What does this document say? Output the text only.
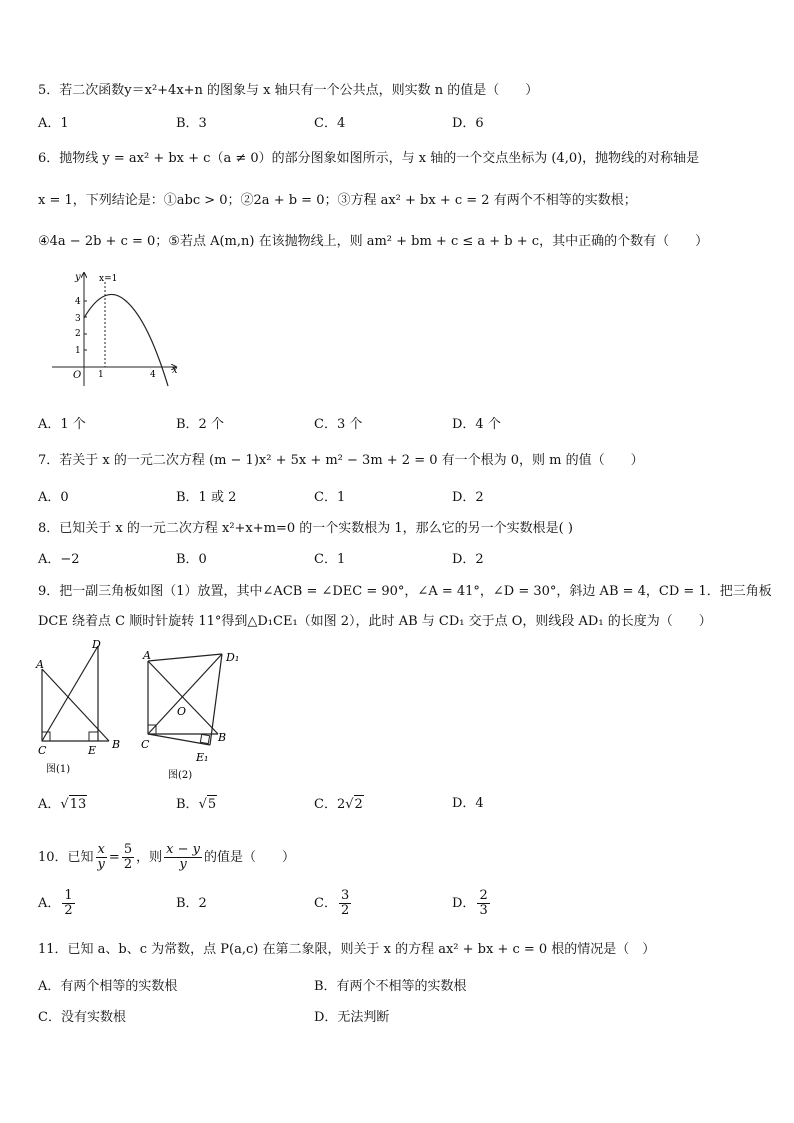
5．若二次函数y＝x²+4x+n 的图象与 x 轴只有一个公共点，则实数 n 的值是（　　）
A．1	B．3	C．4	D．6
6．抛物线 y = ax² + bx + c（a ≠ 0）的部分图象如图所示，与 x 轴的一个交点坐标为 (4,0)，抛物线的对称轴是
x = 1，下列结论是：①abc > 0；②2a + b = 0；③方程 ax² + bx + c = 2 有两个不相等的实数根；
④4a − 2b + c = 0；⑤若点 A(m,n) 在该抛物线上，则 am² + bm + c ≤ a + b + c，其中正确的个数有（　　）
x
y
O
x=1
1
2
3
4
1	4
A．1 个	B．2 个	C．3 个	D．4 个
7．若关于 x 的一元二次方程 (m − 1)x² + 5x + m² − 3m + 2 = 0 有一个根为 0，则 m 的值（　　）
A．0	B．1 或 2	C．1	D．2
8．已知关于 x 的一元二次方程 x²+x+m=0 的一个实数根为 1，那么它的另一个实数根是( )
A．−2	B．0	C．1	D．2
9．把一副三角板如图（1）放置，其中∠ACB = ∠DEC = 90°，∠A = 41°，∠D = 30°，斜边 AB = 4，CD = 1．把三角板
DCE 绕着点 C 顺时针旋转 11°得到△D₁CE₁（如图 2），此时 AB 与 CD₁ 交于点 O，则线段 AD₁ 的长度为（　　）
A
D
C	E B
图(1)
A	D₁
O
C
B
E₁
图(2)
A．√13	B．√5	C．2√2	D．4
10．已知 $\frac{x}{y} = \frac{5}{2}$ ，则 $\frac{x - y}{y}$ 的值是（　　）
A． $\frac{1}{2}$	B．2	C． $\frac{3}{2}$	D． $\frac{2}{3}$
11．已知 a、b、c 为常数，点 P(a,c) 在第二象限，则关于 x 的方程 ax² + bx + c = 0 根的情况是（　）
A．有两个相等的实数根	B．有两个不相等的实数根
C．没有实数根	D．无法判断
